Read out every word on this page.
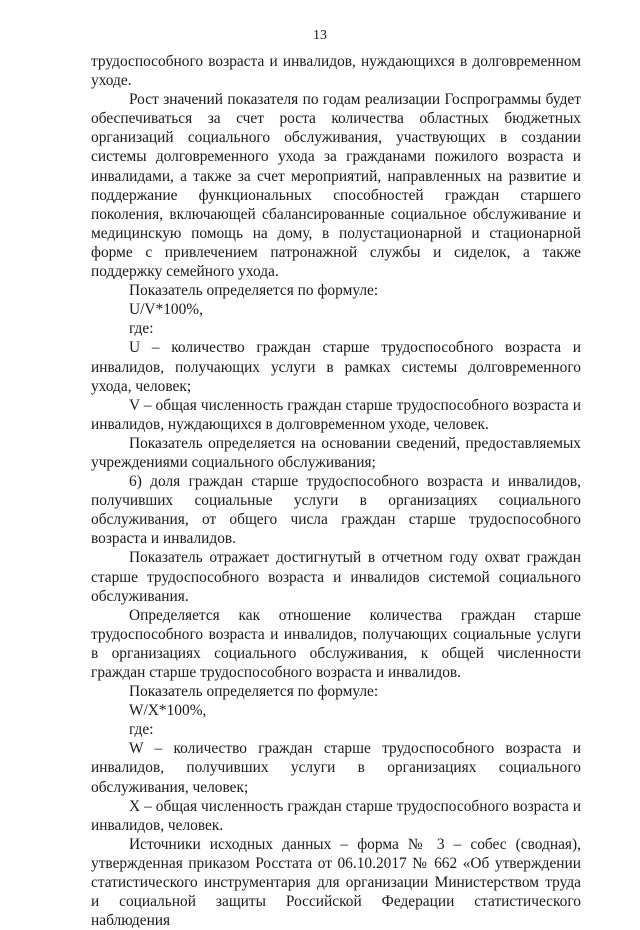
13

трудоспособного возраста и инвалидов, нуждающихся в долговременном уходе.

Рост значений показателя по годам реализации Госпрограммы будет обеспечиваться за счет роста количества областных бюджетных организаций социального обслуживания, участвующих в создании системы долговременного ухода за гражданами пожилого возраста и инвалидами, а также за счет мероприятий, направленных на развитие и поддержание функциональных способностей граждан старшего поколения, включающей сбалансированные социальное обслуживание и медицинскую помощь на дому, в полустационарной и стационарной форме с привлечением патронажной службы и сиделок, а также поддержку семейного ухода.

Показатель определяется по формуле:

U/V*100%,

где:

U – количество граждан старше трудоспособного возраста и инвалидов, получающих услуги в рамках системы долговременного ухода, человек;

V – общая численность граждан старше трудоспособного возраста и инвалидов, нуждающихся в долговременном уходе, человек.

Показатель определяется на основании сведений, предоставляемых учреждениями социального обслуживания;

6) доля граждан старше трудоспособного возраста и инвалидов, получивших социальные услуги в организациях социального обслуживания, от общего числа граждан старше трудоспособного возраста и инвалидов.

Показатель отражает достигнутый в отчетном году охват граждан старше трудоспособного возраста и инвалидов системой социального обслуживания.

Определяется как отношение количества граждан старше трудоспособного возраста и инвалидов, получающих социальные услуги в организациях социального обслуживания, к общей численности граждан старше трудоспособного возраста и инвалидов.

Показатель определяется по формуле:

W/X*100%,

где:

W – количество граждан старше трудоспособного возраста и инвалидов, получивших услуги в организациях социального обслуживания, человек;

X – общая численность граждан старше трудоспособного возраста и инвалидов, человек.

Источники исходных данных – форма № 3 – собес (сводная), утвержденная приказом Росстата от 06.10.2017 № 662 «Об утверждении статистического инструментария для организации Министерством труда и социальной защиты Российской Федерации статистического наблюдения
